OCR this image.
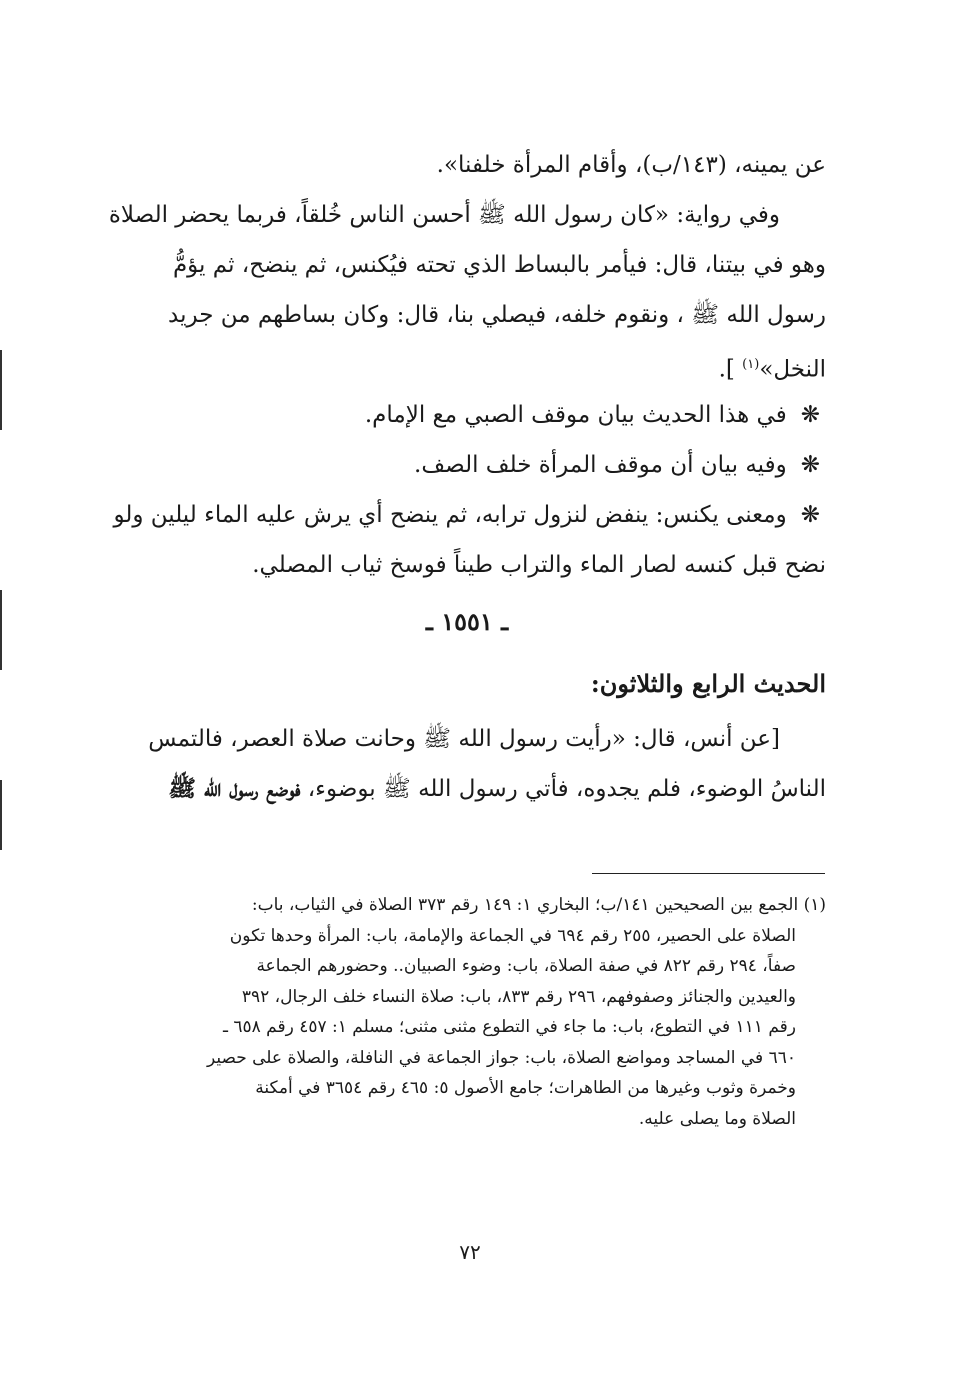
عن يمينه، (١٤٣/ب)، وأقام المرأة خلفنا».
وفي رواية: «كان رسول الله ﷺ أحسن الناس خُلقاً، فربما يحضر الصلاة
وهو في بيتنا، قال: فيأمر بالبساط الذي تحته فيُكنس، ثم ينضح، ثم يؤمُّ
رسول الله ﷺ ، ونقوم خلفه، فيصلي بنا، قال: وكان بساطهم من جريد
النخل»$^{(١)}$ ].
❋في هذا الحديث بيان موقف الصبي مع الإمام.
❋وفيه بيان أن موقف المرأة خلف الصف.
❋ومعنى يكنس: ينفض لنزول ترابه، ثم ينضح أي يرش عليه الماء ليلين ولو
نضح قبل كنسه لصار الماء والتراب طيناً فوسخ ثياب المصلي.
ـ ١٥٥١ ـ
الحديث الرابع والثلاثون:
[عن أنس، قال: «رأيت رسول الله ﷺ وحانت صلاة العصر، فالتمس
الناسُ الوضوء، فلم يجدوه، فأتي رسول الله ﷺ بوضوء، فوضع رسول الله ﷺ
(١) الجمع بين الصحيحين ١٤١/ب؛ البخاري ١: ١٤٩ رقم ٣٧٣ الصلاة في الثياب، باب:
الصلاة على الحصير، ٢٥٥ رقم ٦٩٤ في الجماعة والإمامة، باب: المرأة وحدها تكون
صفاً، ٢٩٤ رقم ٨٢٢ في صفة الصلاة، باب: وضوء الصبيان.. وحضورهم الجماعة
والعيدين والجنائز وصفوفهم، ٢٩٦ رقم ٨٣٣، باب: صلاة النساء خلف الرجال، ٣٩٢
رقم ١١١ في التطوع، باب: ما جاء في التطوع مثنى مثنى؛ مسلم ١: ٤٥٧ رقم ٦٥٨ ـ
٦٦٠ في المساجد ومواضع الصلاة، باب: جواز الجماعة في النافلة، والصلاة على حصير
وخمرة وثوب وغيرها من الطاهرات؛ جامع الأصول ٥: ٤٦٥ رقم ٣٦٥٤ في أمكنة
الصلاة وما يصلى عليه.
٧٢
